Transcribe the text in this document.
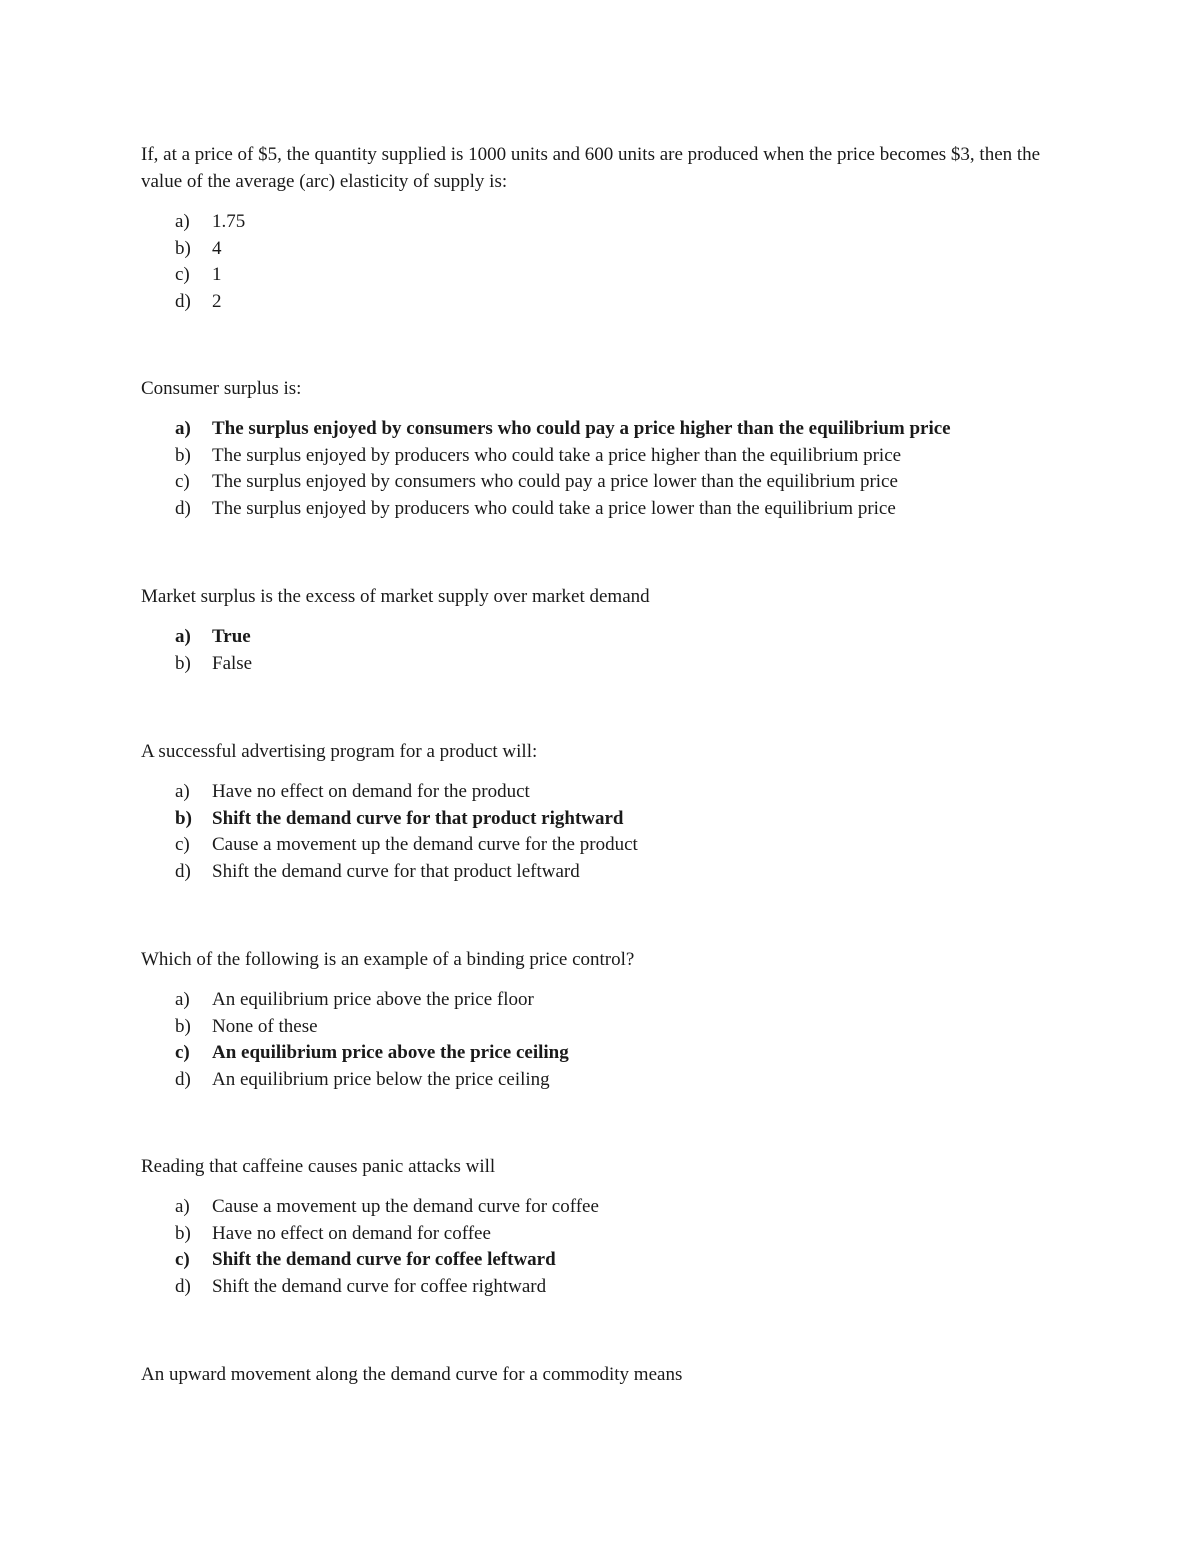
If, at a price of $5, the quantity supplied is 1000 units and 600 units are produced when the price becomes $3, then the value of the average (arc) elasticity of supply is:

a) 1.75
b) 4
c) 1
d) 2

Consumer surplus is:

a) The surplus enjoyed by consumers who could pay a price higher than the equilibrium price
b) The surplus enjoyed by producers who could take a price higher than the equilibrium price
c) The surplus enjoyed by consumers who could pay a price lower than the equilibrium price
d) The surplus enjoyed by producers who could take a price lower than the equilibrium price

Market surplus is the excess of market supply over market demand

a) True
b) False

A successful advertising program for a product will:

a) Have no effect on demand for the product
b) Shift the demand curve for that product rightward
c) Cause a movement up the demand curve for the product
d) Shift the demand curve for that product leftward

Which of the following is an example of a binding price control?

a) An equilibrium price above the price floor
b) None of these
c) An equilibrium price above the price ceiling
d) An equilibrium price below the price ceiling

Reading that caffeine causes panic attacks will

a) Cause a movement up the demand curve for coffee
b) Have no effect on demand for coffee
c) Shift the demand curve for coffee leftward
d) Shift the demand curve for coffee rightward

An upward movement along the demand curve for a commodity means
